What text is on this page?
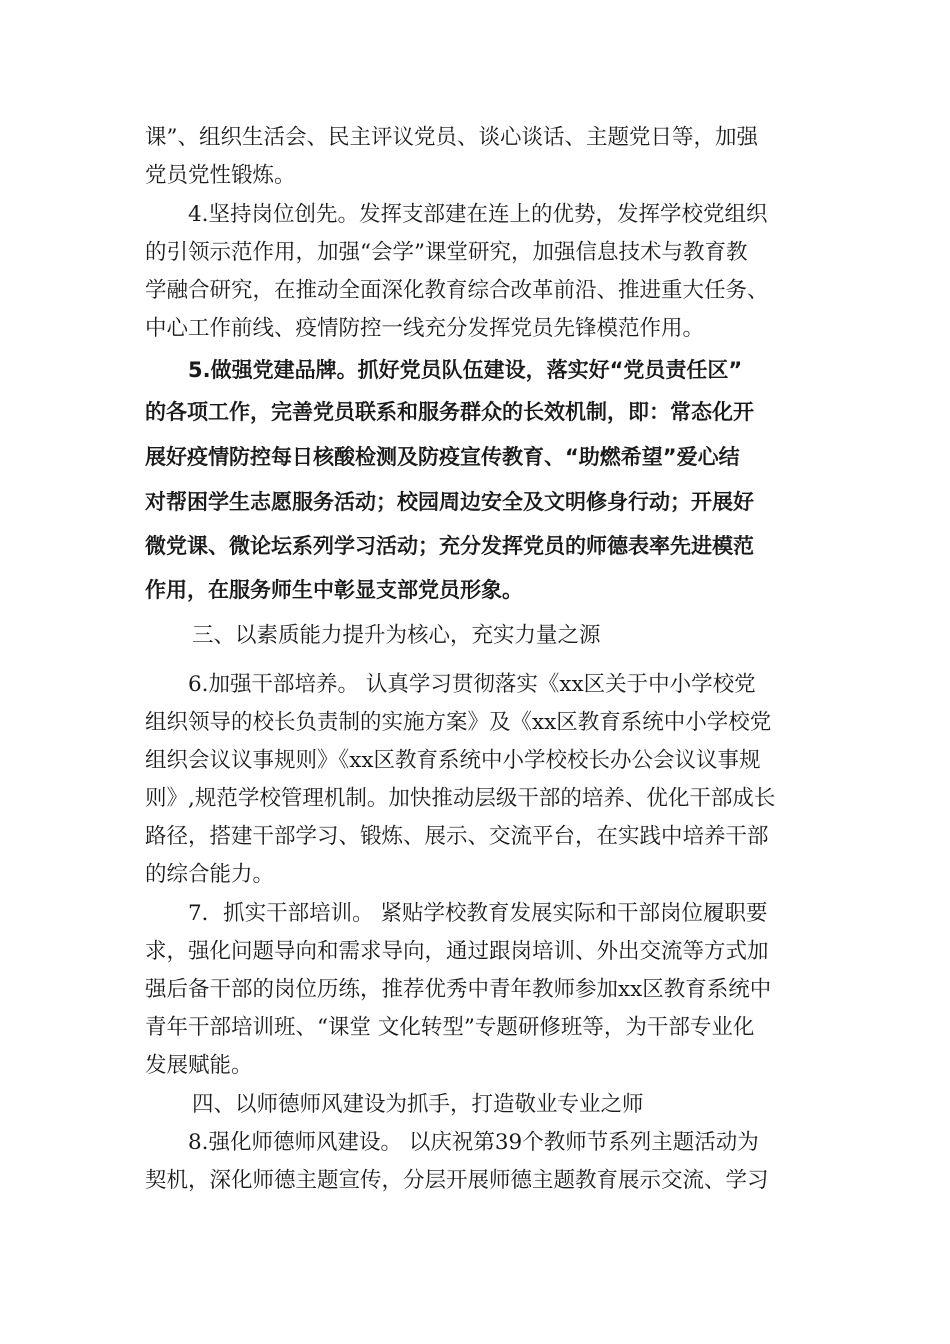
课”、组织生活会、民主评议党员、谈心谈话、主题党日等，加强
党员党性锻炼。
4.坚持岗位创先。发挥支部建在连上的优势，发挥学校党组织
的引领示范作用，加强“会学”课堂研究，加强信息技术与教育教
学融合研究，在推动全面深化教育综合改革前沿、推进重大任务、
中心工作前线、疫情防控一线充分发挥党员先锋模范作用。
5.做强党建品牌。抓好党员队伍建设，落实好“党员责任区”
的各项工作，完善党员联系和服务群众的长效机制，即：常态化开
展好疫情防控每日核酸检测及防疫宣传教育、“助燃希望”爱心结
对帮困学生志愿服务活动；校园周边安全及文明修身行动；开展好
微党课、微论坛系列学习活动；充分发挥党员的师德表率先进模范
作用，在服务师生中彰显支部党员形象。
三、以素质能力提升为核心，充实力量之源
6.加强干部培养。 认真学习贯彻落实《xx区关于中小学校党
组织领导的校长负责制的实施方案》及《xx区教育系统中小学校党
组织会议议事规则》《xx区教育系统中小学校校长办公会议议事规
则》,规范学校管理机制。加快推动层级干部的培养、优化干部成长
路径，搭建干部学习、锻炼、展示、交流平台，在实践中培养干部
的综合能力。
7．抓实干部培训。 紧贴学校教育发展实际和干部岗位履职要
求，强化问题导向和需求导向，通过跟岗培训、外出交流等方式加
强后备干部的岗位历练，推荐优秀中青年教师参加xx区教育系统中
青年干部培训班、“课堂 文化转型”专题研修班等，为干部专业化
发展赋能。
四、以师德师风建设为抓手，打造敬业专业之师
8.强化师德师风建设。 以庆祝第39个教师节系列主题活动为
契机，深化师德主题宣传，分层开展师德主题教育展示交流、学习
